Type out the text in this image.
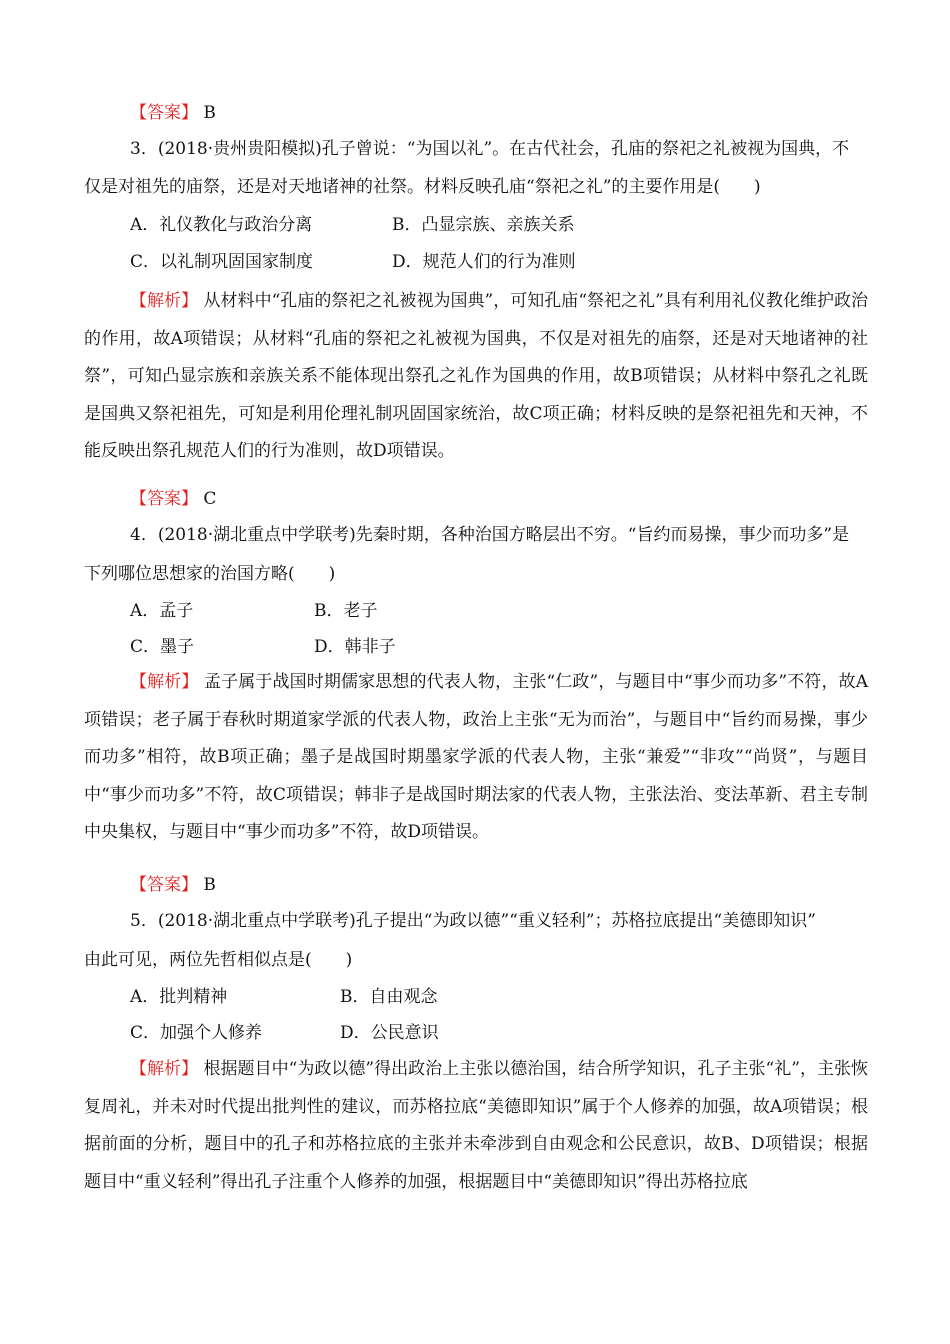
【答案】 B
3．(2018·贵州贵阳模拟)孔子曾说：“为国以礼”。在古代社会，孔庙的祭祀之礼被视为国典，不
仅是对祖先的庙祭，还是对天地诸神的社祭。材料反映孔庙“祭祀之礼”的主要作用是(　　)
A．礼仪教化与政治分离	B．凸显宗族、亲族关系
C．以礼制巩固国家制度	D．规范人们的行为准则
【解析】 从材料中“孔庙的祭祀之礼被视为国典”，可知孔庙“祭祀之礼”具有利用礼仪教化维护政治的作用，故A项错误；从材料“孔庙的祭祀之礼被视为国典，不仅是对祖先的庙祭，还是对天地诸神的社祭”，可知凸显宗族和亲族关系不能体现出祭孔之礼作为国典的作用，故B项错误；从材料中祭孔之礼既是国典又祭祀祖先，可知是利用伦理礼制巩固国家统治，故C项正确；材料反映的是祭祀祖先和天神，不能反映出祭孔规范人们的行为准则，故D项错误。
【答案】 C
4．(2018·湖北重点中学联考)先秦时期，各种治国方略层出不穷。“旨约而易操，事少而功多”是
下列哪位思想家的治国方略(　　)
A．孟子	B．老子
C．墨子	D．韩非子
【解析】 孟子属于战国时期儒家思想的代表人物，主张“仁政”，与题目中“事少而功多”不符，故A项错误；老子属于春秋时期道家学派的代表人物，政治上主张“无为而治”，与题目中“旨约而易操，事少而功多”相符，故B项正确；墨子是战国时期墨家学派的代表人物，主张“兼爱”“非攻”“尚贤”，与题目中“事少而功多”不符，故C项错误；韩非子是战国时期法家的代表人物，主张法治、变法革新、君主专制中央集权，与题目中“事少而功多”不符，故D项错误。
【答案】 B
5．(2018·湖北重点中学联考)孔子提出“为政以德”“重义轻利”；苏格拉底提出“美德即知识”
由此可见，两位先哲相似点是(　　)
A．批判精神	B．自由观念
C．加强个人修养	D．公民意识
【解析】 根据题目中“为政以德”得出政治上主张以德治国，结合所学知识，孔子主张“礼”，主张恢复周礼，并未对时代提出批判性的建议，而苏格拉底“美德即知识”属于个人修养的加强，故A项错误；根据前面的分析，题目中的孔子和苏格拉底的主张并未牵涉到自由观念和公民意识，故B、D项错误；根据题目中“重义轻利”得出孔子注重个人修养的加强，根据题目中“美德即知识”得出苏格拉底
